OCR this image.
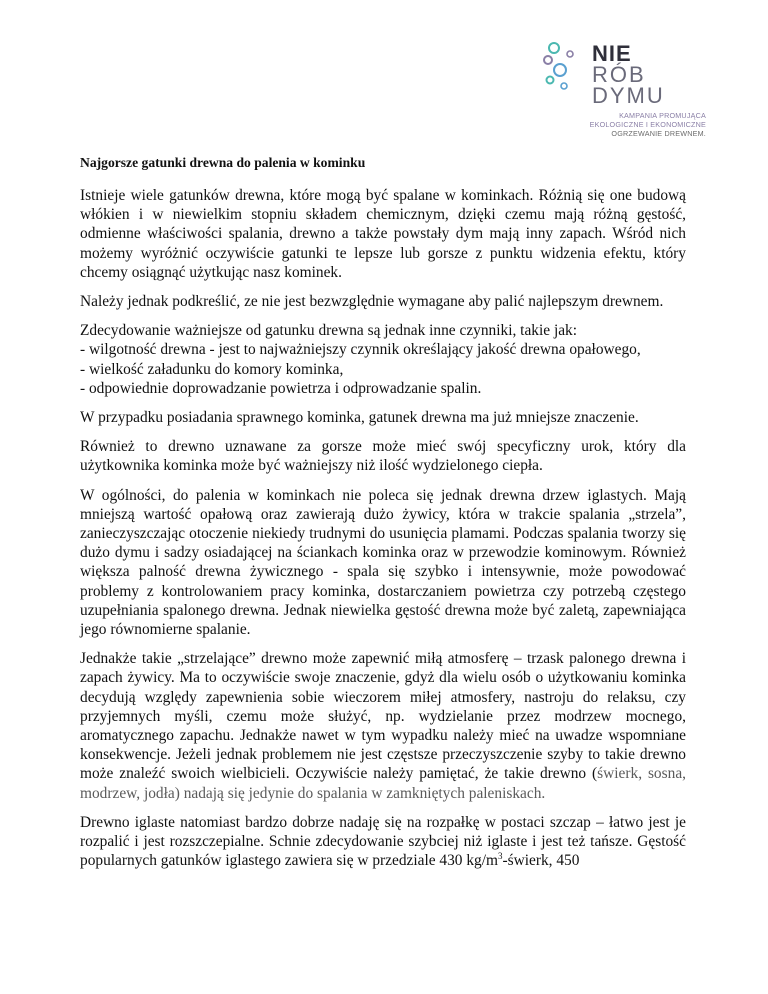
NIE
RÓB
DYMU
KAMPANIA PROMUJĄCA
EKOLOGICZNE I EKONOMICZNE
OGRZEWANIE DREWNEM.

Najgorsze gatunki drewna do palenia w kominku

Istnieje wiele gatunków drewna, które mogą być spalane w kominkach. Różnią się one budową włókien i w niewielkim stopniu składem chemicznym, dzięki czemu mają różną gęstość, odmienne właściwości spalania, drewno a także powstały dym mają inny zapach. Wśród nich możemy wyróżnić oczywiście gatunki te lepsze lub gorsze z punktu widzenia efektu, który chcemy osiągnąć użytkując nasz kominek.

Należy jednak podkreślić, ze nie jest bezwzględnie wymagane aby palić najlepszym drewnem.

Zdecydowanie ważniejsze od gatunku drewna są jednak inne czynniki, takie jak:
- wilgotność drewna - jest to najważniejszy czynnik określający jakość drewna opałowego,
- wielkość załadunku do komory kominka,
- odpowiednie doprowadzanie powietrza i odprowadzanie spalin.

W przypadku posiadania sprawnego kominka, gatunek drewna ma już mniejsze znaczenie.

Również to drewno uznawane za gorsze może mieć swój specyficzny urok, który dla użytkownika kominka może być ważniejszy niż ilość wydzielonego ciepła.

W ogólności, do palenia w kominkach nie poleca się jednak drewna drzew iglastych. Mają mniejszą wartość opałową oraz zawierają dużo żywicy, która w trakcie spalania „strzela”, zanieczyszczając otoczenie niekiedy trudnymi do usunięcia plamami. Podczas spalania tworzy się dużo dymu i sadzy osiadającej na ściankach kominka oraz w przewodzie kominowym. Również większa palność drewna żywicznego - spala się szybko i intensywnie, może powodować problemy z kontrolowaniem pracy kominka, dostarczaniem powietrza czy potrzebą częstego uzupełniania spalonego drewna. Jednak niewielka gęstość drewna może być zaletą, zapewniająca jego równomierne spalanie.

Jednakże takie „strzelające” drewno może zapewnić miłą atmosferę – trzask palonego drewna i zapach żywicy. Ma to oczywiście swoje znaczenie, gdyż dla wielu osób o użytkowaniu kominka decydują względy zapewnienia sobie wieczorem miłej atmosfery, nastroju do relaksu, czy przyjemnych myśli, czemu może służyć, np. wydzielanie przez modrzew mocnego, aromatycznego zapachu. Jednakże nawet w tym wypadku należy mieć na uwadze wspomniane konsekwencje. Jeżeli jednak problemem nie jest częstsze przeczyszczenie szyby to takie drewno może znaleźć swoich wielbicieli. Oczywiście należy pamiętać, że takie drewno (świerk, sosna, modrzew, jodła) nadają się jedynie do spalania w zamkniętych paleniskach.

Drewno iglaste natomiast bardzo dobrze nadaję się na rozpałkę w postaci szczap – łatwo jest je rozpalić i jest rozszczepialne. Schnie zdecydowanie szybciej niż iglaste i jest też tańsze. Gęstość popularnych gatunków iglastego zawiera się w przedziale 430 $kg/m^3$-świerk, 450
